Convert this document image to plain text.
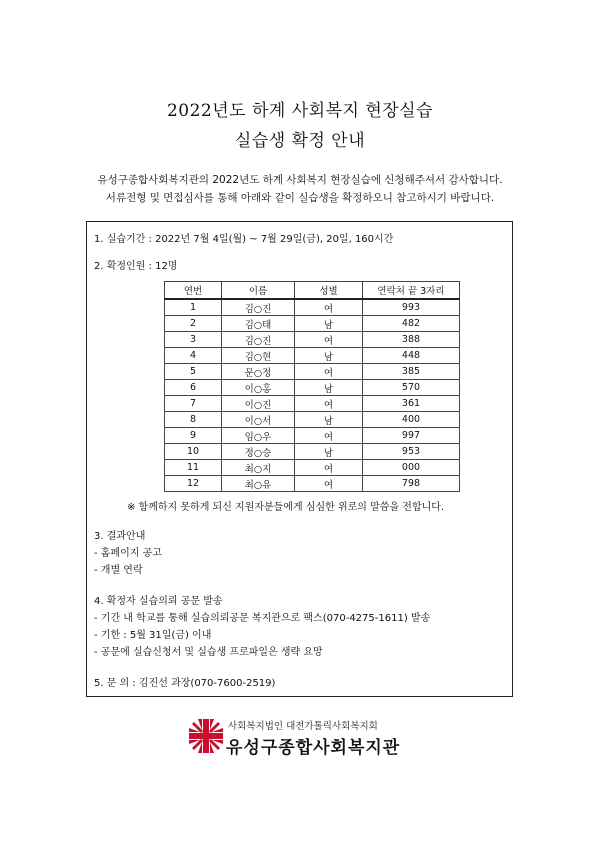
2022년도 하계 사회복지 현장실습
실습생 확정 안내
유성구종합사회복지관의 2022년도 하계 사회복지 현장실습에 신청해주셔서 감사합니다.
서류전형 및 면접심사를 통해 아래와 같이 실습생을 확정하오니 참고하시기 바랍니다.
1. 실습기간 : 2022년 7월 4일(월) ~ 7월 29일(금), 20일, 160시간
2. 확정인원 : 12명
연번	이름	성별	연락처 끝 3자리
1	김○진	여	993
2	김○태	남	482
3	김○진	여	388
4	김○현	남	448
5	문○정	여	385
6	이○홍	남	570
7	이○진	여	361
8	이○서	남	400
9	임○우	여	997
10	정○승	남	953
11	최○지	여	000
12	최○유	여	798
※ 함께하지 못하게 되신 지원자분들에게 심심한 위로의 말씀을 전합니다.
3. 결과안내
- 홈페이지 공고
- 개별 연락
4. 확정자 실습의뢰 공문 발송
- 기간 내 학교를 통해 실습의뢰공문 복지관으로 팩스(070-4275-1611) 발송
- 기한 : 5월 31일(금) 이내
- 공문에 실습신청서 및 실습생 프로파일은 생략 요망
5. 문 의 : 김진선 과장(070-7600-2519)
사회복지법인 대전가톨릭사회복지회
유성구종합사회복지관
